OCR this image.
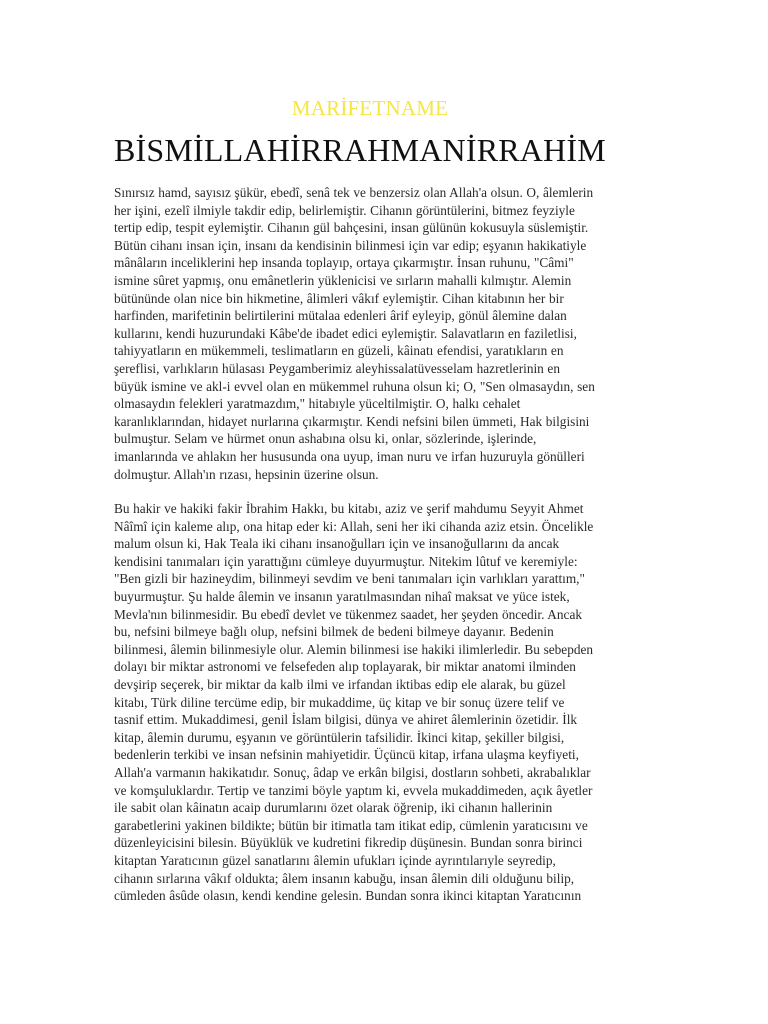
MARİFETNAME
BİSMİLLAHİRRAHMANİRRAHİM

Sınırsız hamd, sayısız şükür, ebedî, senâ tek ve benzersiz olan Allah'a olsun. O, âlemlerin
her işini, ezelî ilmiyle takdir edip, belirlemiştir. Cihanın görüntülerini, bitmez feyziyle
tertip edip, tespit eylemiştir. Cihanın gül bahçesini, insan gülünün kokusuyla süslemiştir.
Bütün cihanı insan için, insanı da kendisinin bilinmesi için var edip; eşyanın hakikatiyle
mânâların inceliklerini hep insanda toplayıp, ortaya çıkarmıştır. İnsan ruhunu, "Câmi"
ismine sûret yapmış, onu emânetlerin yüklenicisi ve sırların mahalli kılmıştır. Alemin
bütününde olan nice bin hikmetine, âlimleri vâkıf eylemiştir. Cihan kitabının her bir
harfinden, marifetinin belirtilerini mütalaa edenleri ârif eyleyip, gönül âlemine dalan
kullarını, kendi huzurundaki Kâbe'de ibadet edici eylemiştir. Salavatların en faziletlisi,
tahiyyatların en mükemmeli, teslimatların en güzeli, kâinatı efendisi, yaratıkların en
şereflisi, varlıkların hülasası Peygamberimiz aleyhissalatüvesselam hazretlerinin en
büyük ismine ve akl-i evvel olan en mükemmel ruhuna olsun ki; O, "Sen olmasaydın, sen
olmasaydın felekleri yaratmazdım," hitabıyle yüceltilmiştir. O, halkı cehalet
karanlıklarından, hidayet nurlarına çıkarmıştır. Kendi nefsini bilen ümmeti, Hak bilgisini
bulmuştur. Selam ve hürmet onun ashabına olsu ki, onlar, sözlerinde, işlerinde,
imanlarında ve ahlakın her hususunda ona uyup, iman nuru ve irfan huzuruyla gönülleri
dolmuştur. Allah'ın rızası, hepsinin üzerine olsun.

Bu hakir ve hakiki fakir İbrahim Hakkı, bu kitabı, aziz ve şerif mahdumu Seyyit Ahmet
Nâîmî için kaleme alıp, ona hitap eder ki: Allah, seni her iki cihanda aziz etsin. Öncelikle
malum olsun ki, Hak Teala iki cihanı insanoğulları için ve insanoğullarını da ancak
kendisini tanımaları için yarattığını cümleye duyurmuştur. Nitekim lûtuf ve keremiyle:
"Ben gizli bir hazineydim, bilinmeyi sevdim ve beni tanımaları için varlıkları yarattım,"
buyurmuştur. Şu halde âlemin ve insanın yaratılmasından nihaî maksat ve yüce istek,
Mevla'nın bilinmesidir. Bu ebedî devlet ve tükenmez saadet, her şeyden öncedir. Ancak
bu, nefsini bilmeye bağlı olup, nefsini bilmek de bedeni bilmeye dayanır. Bedenin
bilinmesi, âlemin bilinmesiyle olur. Alemin bilinmesi ise hakiki ilimlerledir. Bu sebepden
dolayı bir miktar astronomi ve felsefeden alıp toplayarak, bir miktar anatomi ilminden
devşirip seçerek, bir miktar da kalb ilmi ve irfandan iktibas edip ele alarak, bu güzel
kitabı, Türk diline tercüme edip, bir mukaddime, üç kitap ve bir sonuç üzere telif ve
tasnif ettim. Mukaddimesi, genil İslam bilgisi, dünya ve ahiret âlemlerinin özetidir. İlk
kitap, âlemin durumu, eşyanın ve görüntülerin tafsilidir. İkinci kitap, şekiller bilgisi,
bedenlerin terkibi ve insan nefsinin mahiyetidir. Üçüncü kitap, irfana ulaşma keyfiyeti,
Allah'a varmanın hakikatıdır. Sonuç, âdap ve erkân bilgisi, dostların sohbeti, akrabalıklar
ve komşuluklardır. Tertip ve tanzimi böyle yaptım ki, evvela mukaddimeden, açık âyetler
ile sabit olan kâinatın acaip durumlarını özet olarak öğrenip, iki cihanın hallerinin
garabetlerini yakinen bildikte; bütün bir itimatla tam itikat edip, cümlenin yaratıcısını ve
düzenleyicisini bilesin. Büyüklük ve kudretini fikredip düşünesin. Bundan sonra birinci
kitaptan Yaratıcının güzel sanatlarını âlemin ufukları içinde ayrıntılarıyle seyredip,
cihanın sırlarına vâkıf oldukta; âlem insanın kabuğu, insan âlemin dili olduğunu bilip,
cümleden âsûde olasın, kendi kendine gelesin. Bundan sonra ikinci kitaptan Yaratıcının
